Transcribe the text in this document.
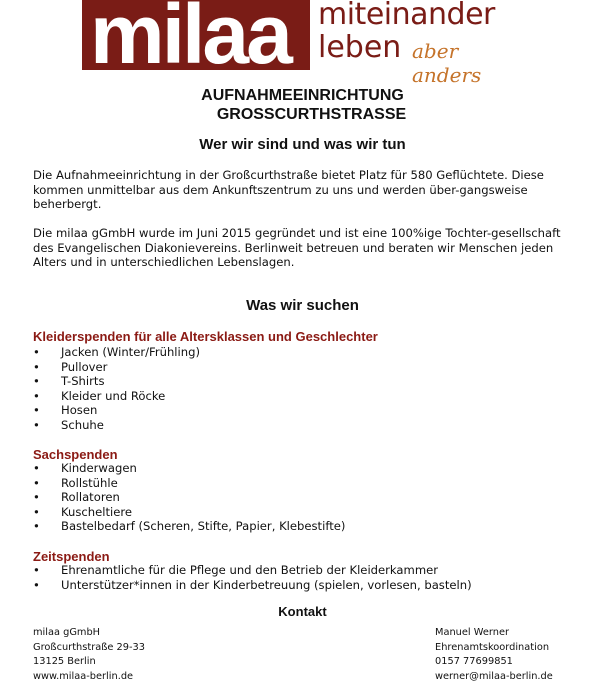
milaa miteinander
leben aber anders
AUFNAHMEEINRICHTUNG
GROSSCURTHSTRASSE
Wer wir sind und was wir tun

Die Aufnahmeeinrichtung in der Großcurthstraße bietet Platz für 580 Geflüchtete. Diese kommen unmittelbar aus dem Ankunftszentrum zu uns und werden über-gangsweise beherbergt.

Die milaa gGmbH wurde im Juni 2015 gegründet und ist eine 100%ige Tochter-gesellschaft des Evangelischen Diakonievereins. Berlinweit betreuen und beraten wir Menschen jeden Alters und in unterschiedlichen Lebenslagen.

Was wir suchen
Kleiderspenden für alle Altersklassen und Geschlechter
• Jacken (Winter/Frühling)
• Pullover
• T-Shirts
• Kleider und Röcke
• Hosen
• Schuhe
Sachspenden
• Kinderwagen
• Rollstühle
• Rollatoren
• Kuscheltiere
• Bastelbedarf (Scheren, Stifte, Papier, Klebestifte)
Zeitspenden
• Ehrenamtliche für die Pflege und den Betrieb der Kleiderkammer
• Unterstützer*innen in der Kinderbetreuung (spielen, vorlesen, basteln)
Kontakt
milaa gGmbH
Großcurthstraße 29-33
13125 Berlin
www.milaa-berlin.de
Manuel Werner
Ehrenamtskoordination
0157 77699851
werner@milaa-berlin.de
